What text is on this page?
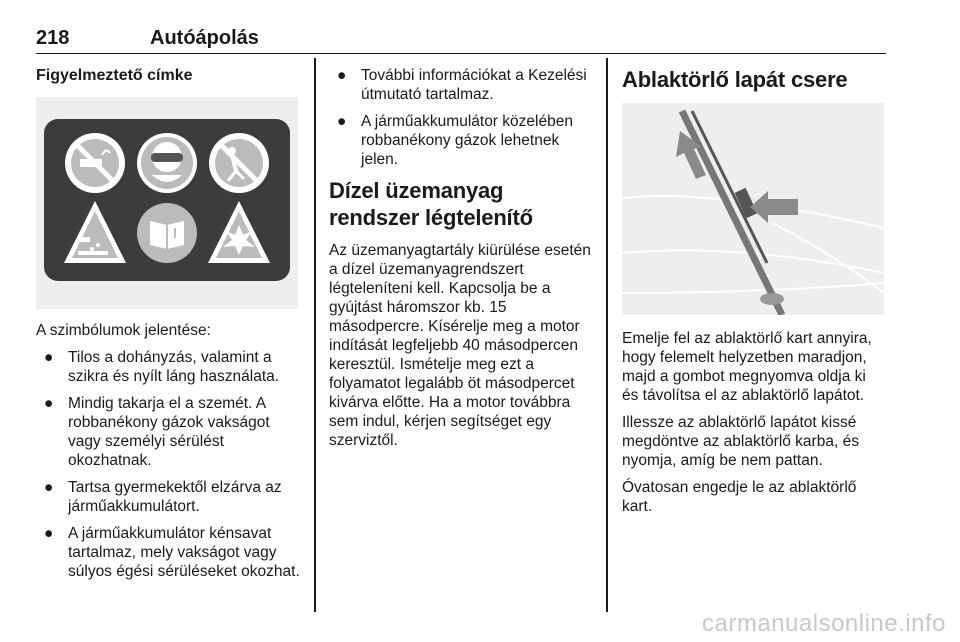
218	Autóápolás
Figyelmeztető címke
A szimbólumok jelentése:
● Tilos a dohányzás, valamint a szikra és nyílt láng használata.
● Mindig takarja el a szemét. A robbanékony gázok vakságot vagy személyi sérülést okozhatnak.
● Tartsa gyermekektől elzárva az járműakkumulátort.
● A járműakkumulátor kénsavat tartalmaz, mely vakságot vagy súlyos égési sérüléseket okozhat.
● További információkat a Kezelési útmutató tartalmaz.
● A járműakkumulátor közelében robbanékony gázok lehetnek jelen.
Dízel üzemanyag rendszer légtelenítő
Az üzemanyagtartály kiürülése esetén a dízel üzemanyagrendszert légteleníteni kell. Kapcsolja be a gyújtást háromszor kb. 15 másodpercre. Kísérelje meg a motor indítását legfeljebb 40 másodpercen keresztül. Ismételje meg ezt a folyamatot legalább öt másodpercet kivárva előtte. Ha a motor továbbra sem indul, kérjen segítséget egy szerviztől.
Ablaktörlő lapát csere
Emelje fel az ablaktörlő kart annyira, hogy felemelt helyzetben maradjon, majd a gombot megnyomva oldja ki és távolítsa el az ablaktörlő lapátot.
Illessze az ablaktörlő lapátot kissé megdöntve az ablaktörlő karba, és nyomja, amíg be nem pattan.
Óvatosan engedje le az ablaktörlő kart.
carmanualsonline.info
